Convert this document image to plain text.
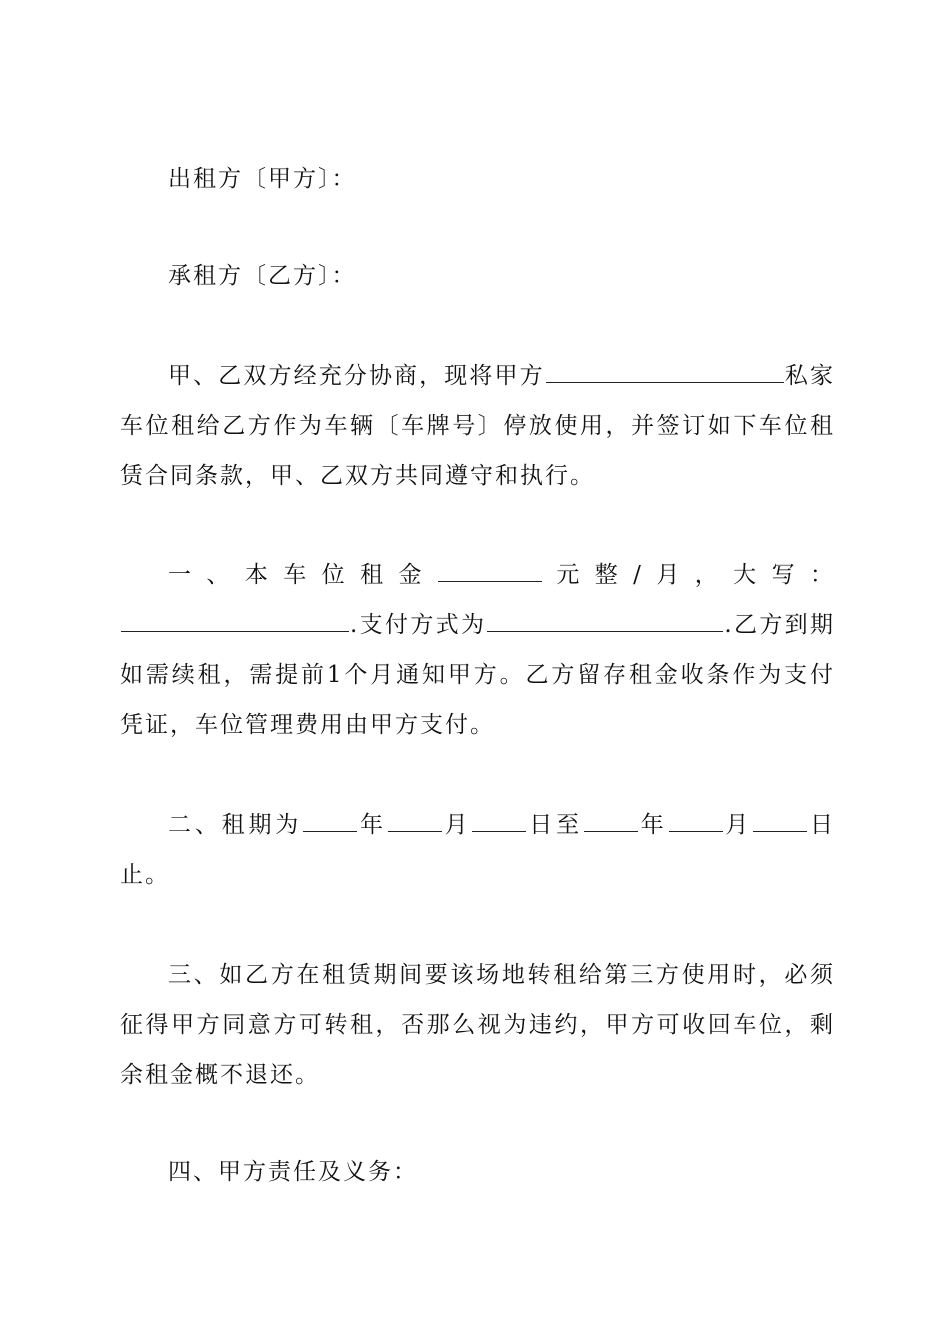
出租方〔甲方〕：
承租方〔乙方〕：
甲、乙双方经充分协商，现将甲方	私家车位租给乙方作为车辆〔车牌号〕停放使用，并签订如下车位租赁合同条款，甲、乙双方共同遵守和执行。
一、本车位租金	元整/月，大写：.支付方式为	.乙方到期如需续租，需提前1个月通知甲方。乙方留存租金收条作为支付凭证，车位管理费用由甲方支付。
二、租期为 年 月 日至 年 月 日止。
三、如乙方在租赁期间要该场地转租给第三方使用时，必须征得甲方同意方可转租，否那么视为违约，甲方可收回车位，剩余租金概不退还。
四、甲方责任及义务：
